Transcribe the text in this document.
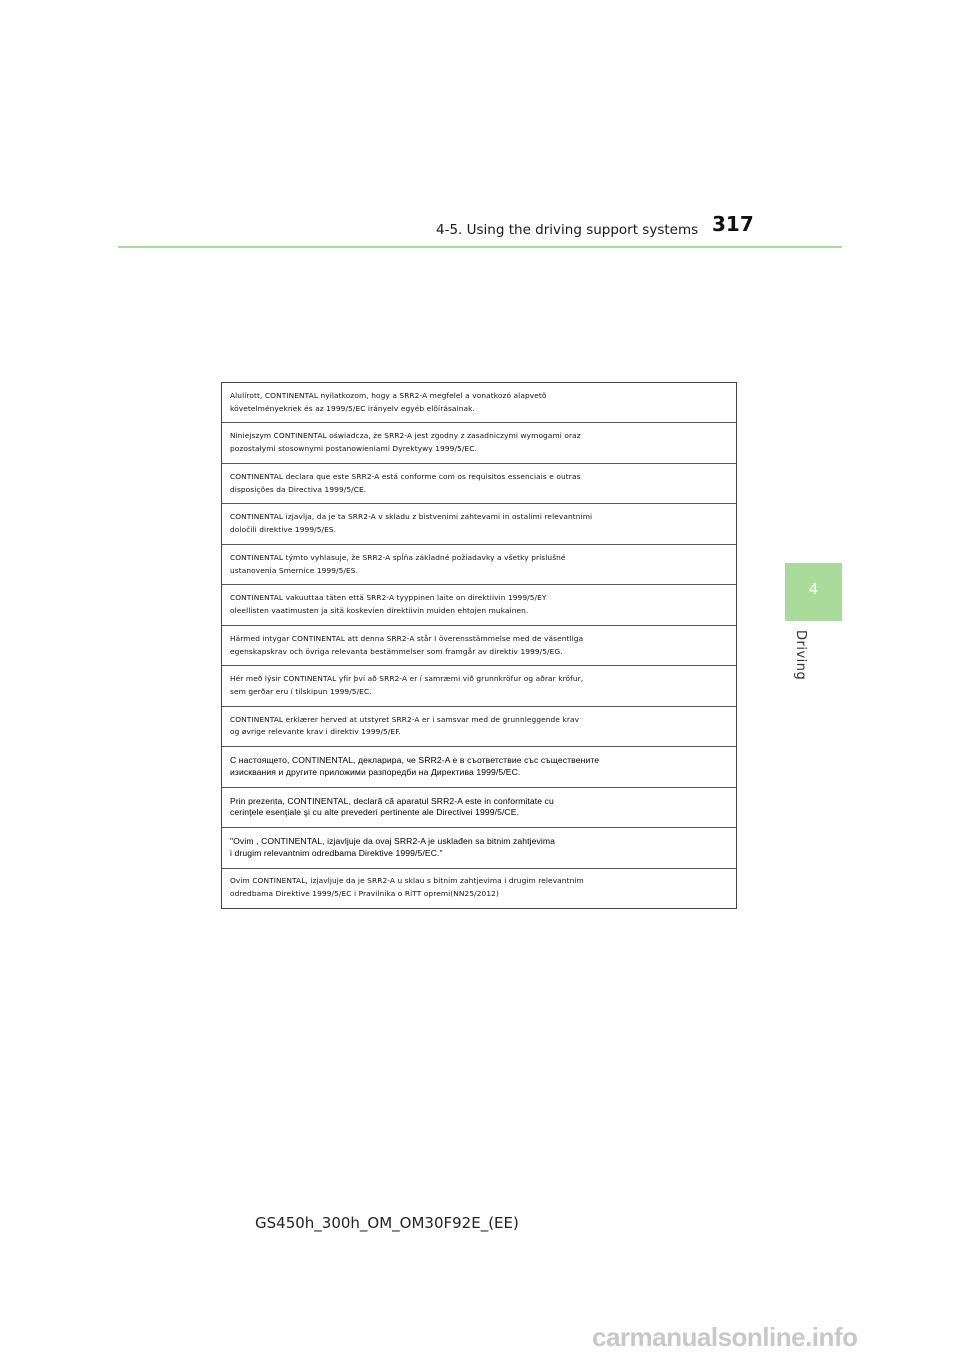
4-5. Using the driving support systems 317
4
Driving
Alulírott, CONTINENTAL nyilatkozom, hogy a SRR2-A megfelel a vonatkozó alapvetõ
követelményeknek és az 1999/5/EC irányelv egyéb elõírásainak.
Niniejszym CONTINENTAL oświadcza, że SRR2-A jest zgodny z zasadniczymi wymogami oraz
pozostałymi stosownymi postanowieniami Dyrektywy 1999/5/EC.
CONTINENTAL declara que este SRR2-A está conforme com os requisitos essenciais e outras
disposições da Directiva 1999/5/CE.
CONTINENTAL izjavlja, da je ta SRR2-A v skladu z bistvenimi zahtevami in ostalimi relevantnimi
določili direktive 1999/5/ES.
CONTINENTAL týmto vyhlasuje, že SRR2-A spĺňa základné požiadavky a všetky príslušné
ustanovenia Smernice 1999/5/ES.
CONTINENTAL vakuuttaa täten että SRR2-A tyyppinen laite on direktiivin 1999/5/EY
oleellisten vaatimusten ja sitä koskevien direktiivin muiden ehtojen mukainen.
Härmed intygar CONTINENTAL att denna SRR2-A står I överensstämmelse med de väsentliga
egenskapskrav och övriga relevanta bestämmelser som framgår av direktiv 1999/5/EG.
Hér með lýsir CONTINENTAL yfir því að SRR2-A er í samræmi við grunnkröfur og aðrar kröfur,
sem gerðar eru í tilskipun 1999/5/EC.
CONTINENTAL erklærer herved at utstyret SRR2-A er i samsvar med de grunnleggende krav
og øvrige relevante krav i direktiv 1999/5/EF.
С настоящето, CONTINENTAL, декларира, че SRR2-A е в съответствие със съществените
изисквания и другите приложими разпоредби на Директива 1999/5/ЕС.
Prin prezenta, CONTINENTAL, declarã cã aparatul SRR2-A este in conformitate cu
cerinţele esenţiale şi cu alte prevederi pertinente ale Directivei 1999/5/CE.
"Ovim , CONTINENTAL, izjavljuje da ovaj SRR2-A je usklađen sa bitnim zahtjevima
i drugim relevantnim odredbama Direktive 1999/5/EC."
Ovim CONTINENTAL, izjavljuje da je SRR2-A u sklau s bitnim zahtjevima i drugim relevantnim
odredbama Direktive 1999/5/EC i Pravilnika o RiTT opremi(NN25/2012)
GS450h_300h_OM_OM30F92E_(EE)
carmanualsonline.info
